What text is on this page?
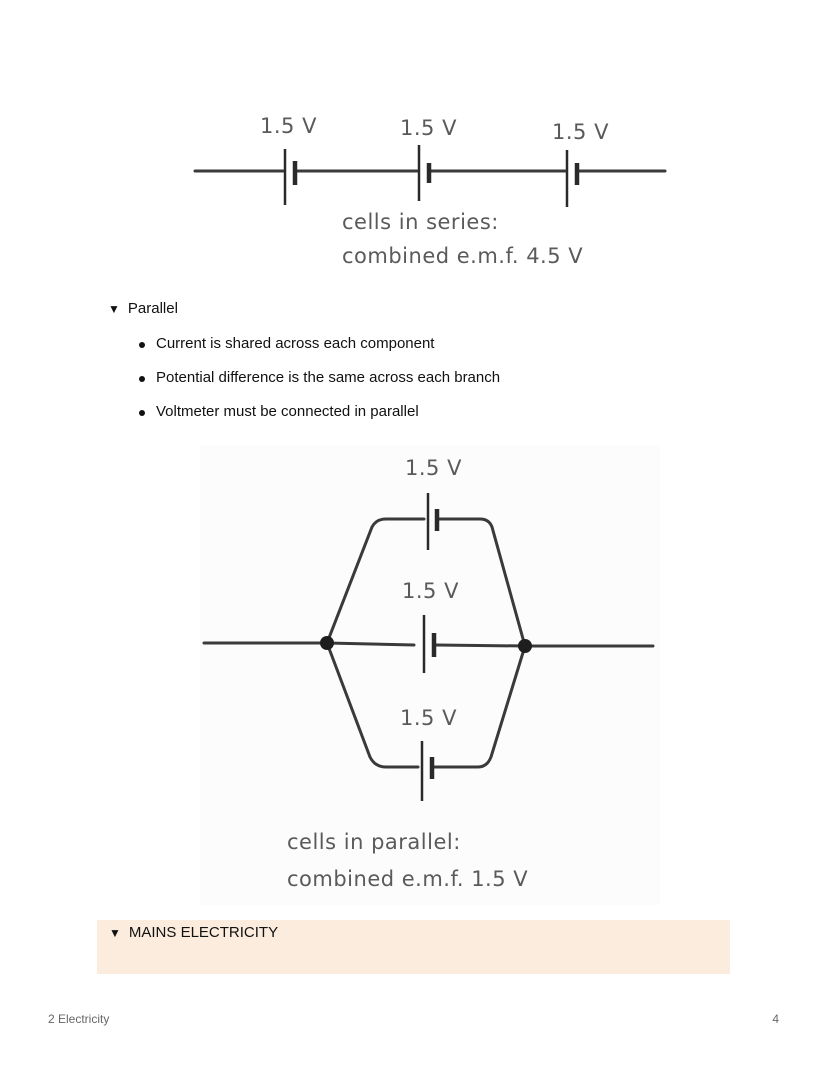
1.5 V	1.5 V	1.5 V
cells in series:
combined e.m.f. 4.5 V
▼ Parallel
Current is shared across each component
Potential difference is the same across each branch
Voltmeter must be connected in parallel
1.5 V
1.5 V
1.5 V
cells in parallel:
combined e.m.f. 1.5 V
▼ MAINS ELECTRICITY
2 Electricity	4
